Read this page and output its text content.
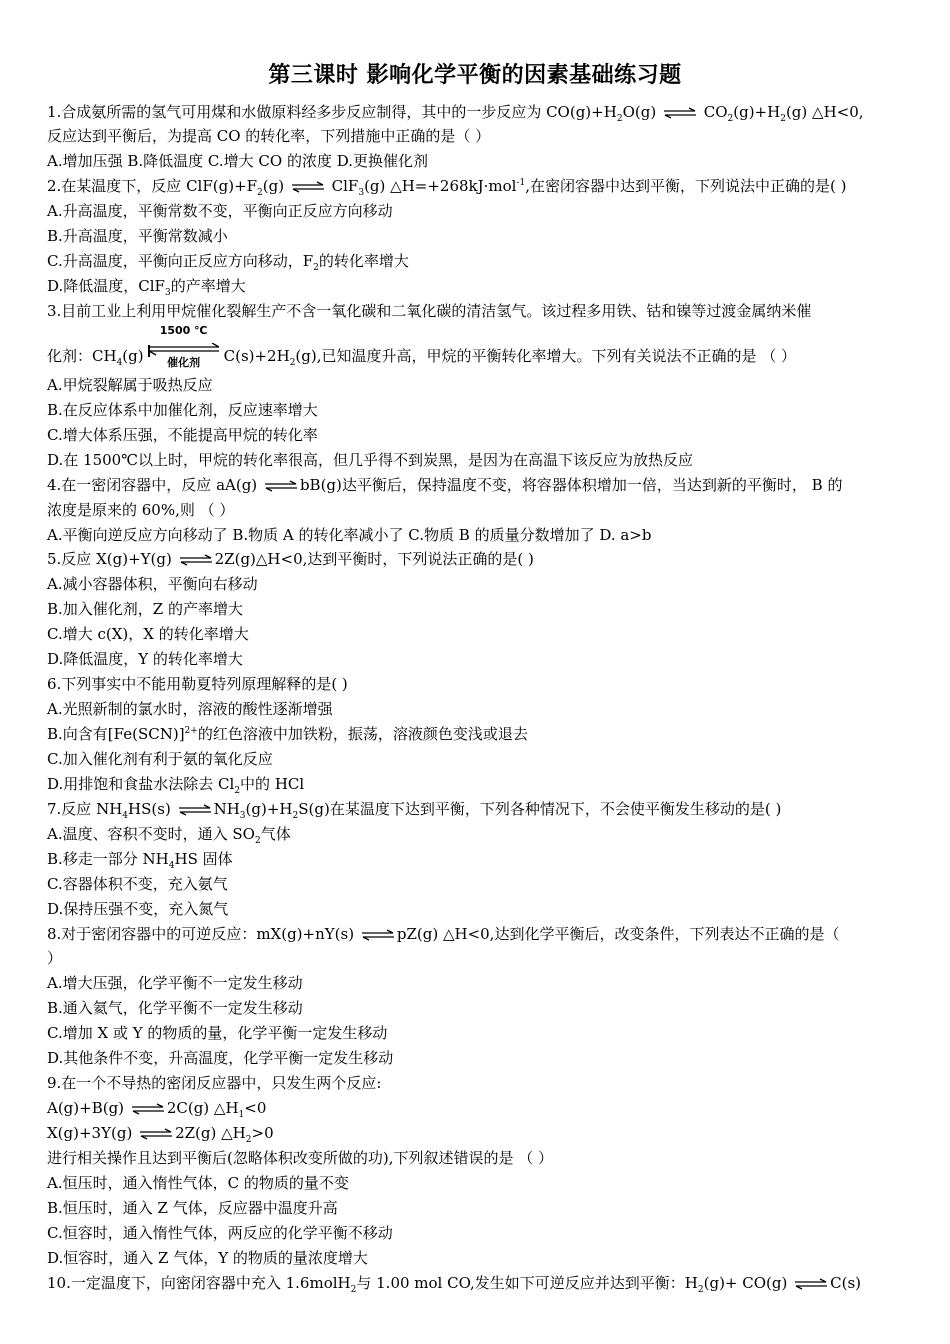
第三课时 影响化学平衡的因素基础练习题
1.合成氨所需的氢气可用煤和水做原料经多步反应制得，其中的一步反应为 $CO(g)+H_2O(g)$ ⇌ $CO_2(g)+H_2(g)$ △H<0,
反应达到平衡后，为提高 CO 的转化率，下列措施中正确的是（ ）
A.增加压强 B.降低温度 C.增大 CO 的浓度 D.更换催化剂
2.在某温度下，反应 $ClF(g)+F_2(g)$ ⇌ ClF$_3$(g) △H=+268kJ·mol$^{-1}$,在密闭容器中达到平衡，下列说法中正确的是( )
A.升高温度，平衡常数不变，平衡向正反应方向移动
B.升高温度，平衡常数减小
C.升高温度，平衡向正反应方向移动，$F_2$的转化率增大
D.降低温度，ClF$_3$的产率增大
3.目前工业上利用甲烷催化裂解生产不含一氧化碳和二氧化碳的清洁氢气。该过程多用铁、钴和镍等过渡金属纳米催
化剂：$CH_4(g)$
1500 ℃
催化剂	$C(s)+2H_2(g)$,已知温度升高，甲烷的平衡转化率增大。下列有关说法不正确的是 （ ）
A.甲烷裂解属于吸热反应
B.在反应体系中加催化剂，反应速率增大
C.增大体系压强，不能提高甲烷的转化率
D.在 1500℃以上时，甲烷的转化率很高，但几乎得不到炭黑，是因为在高温下该反应为放热反应
4.在一密闭容器中，反应 aA(g) ⇌ bB(g)达平衡后，保持温度不变，将容器体积增加一倍，当达到新的平衡时， B 的
浓度是原来的 60%,则 （ ）
A.平衡向逆反应方向移动了 B.物质 A 的转化率减小了 C.物质 B 的质量分数增加了 D. a>b
5.反应 X(g)+Y(g) ⇌ 2Z(g)△H<0,达到平衡时，下列说法正确的是( )
A.减小容器体积，平衡向右移动
B.加入催化剂，Z 的产率增大
C.增大 c(X)，X 的转化率增大
D.降低温度，Y 的转化率增大
6.下列事实中不能用勒夏特列原理解释的是( )
A.光照新制的氯水时，溶液的酸性逐渐增强
B.向含有$[Fe(SCN)]^{2+}$的红色溶液中加铁粉，振荡，溶液颜色变浅或退去
C.加入催化剂有利于氨的氧化反应
D.用排饱和食盐水法除去 $Cl_2$中的 HCl
7.反应 $NH_4HS(s)$ ⇌ $NH_3(g)+H_2S(g)$在某温度下达到平衡，下列各种情况下，不会使平衡发生移动的是( )
A.温度、容积不变时，通入 $SO_2$气体
B.移走一部分 $NH_4HS$ 固体
C.容器体积不变，充入氨气
D.保持压强不变，充入氮气
8.对于密闭容器中的可逆反应：mX(g)+nY(s) ⇌ pZ(g) △H<0,达到化学平衡后，改变条件，下列表达不正确的是（
）
A.增大压强，化学平衡不一定发生移动
B.通入氦气，化学平衡不一定发生移动
C.增加 X 或 Y 的物质的量，化学平衡一定发生移动
D.其他条件不变，升高温度，化学平衡一定发生移动
9.在一个不导热的密闭反应器中，只发生两个反应:
A(g)+B(g) ⇌ 2C(g) $\triangle H_1<0$
X(g)+3Y(g) ⇌ 2Z(g) $\triangle H_2>0$
进行相关操作且达到平衡后(忽略体积改变所做的功),下列叙述错误的是 （ ）
A.恒压时，通入惰性气体，C 的物质的量不变
B.恒压时，通入 Z 气体，反应器中温度升高
C.恒容时，通入惰性气体，两反应的化学平衡不移动
D.恒容时，通入 Z 气体，Y 的物质的量浓度增大
10.一定温度下，向密闭容器中充入 1.6molH$_2$与 1.00 mol CO,发生如下可逆反应并达到平衡：$H_2(g)+ CO(g)$ ⇌ C(s)
